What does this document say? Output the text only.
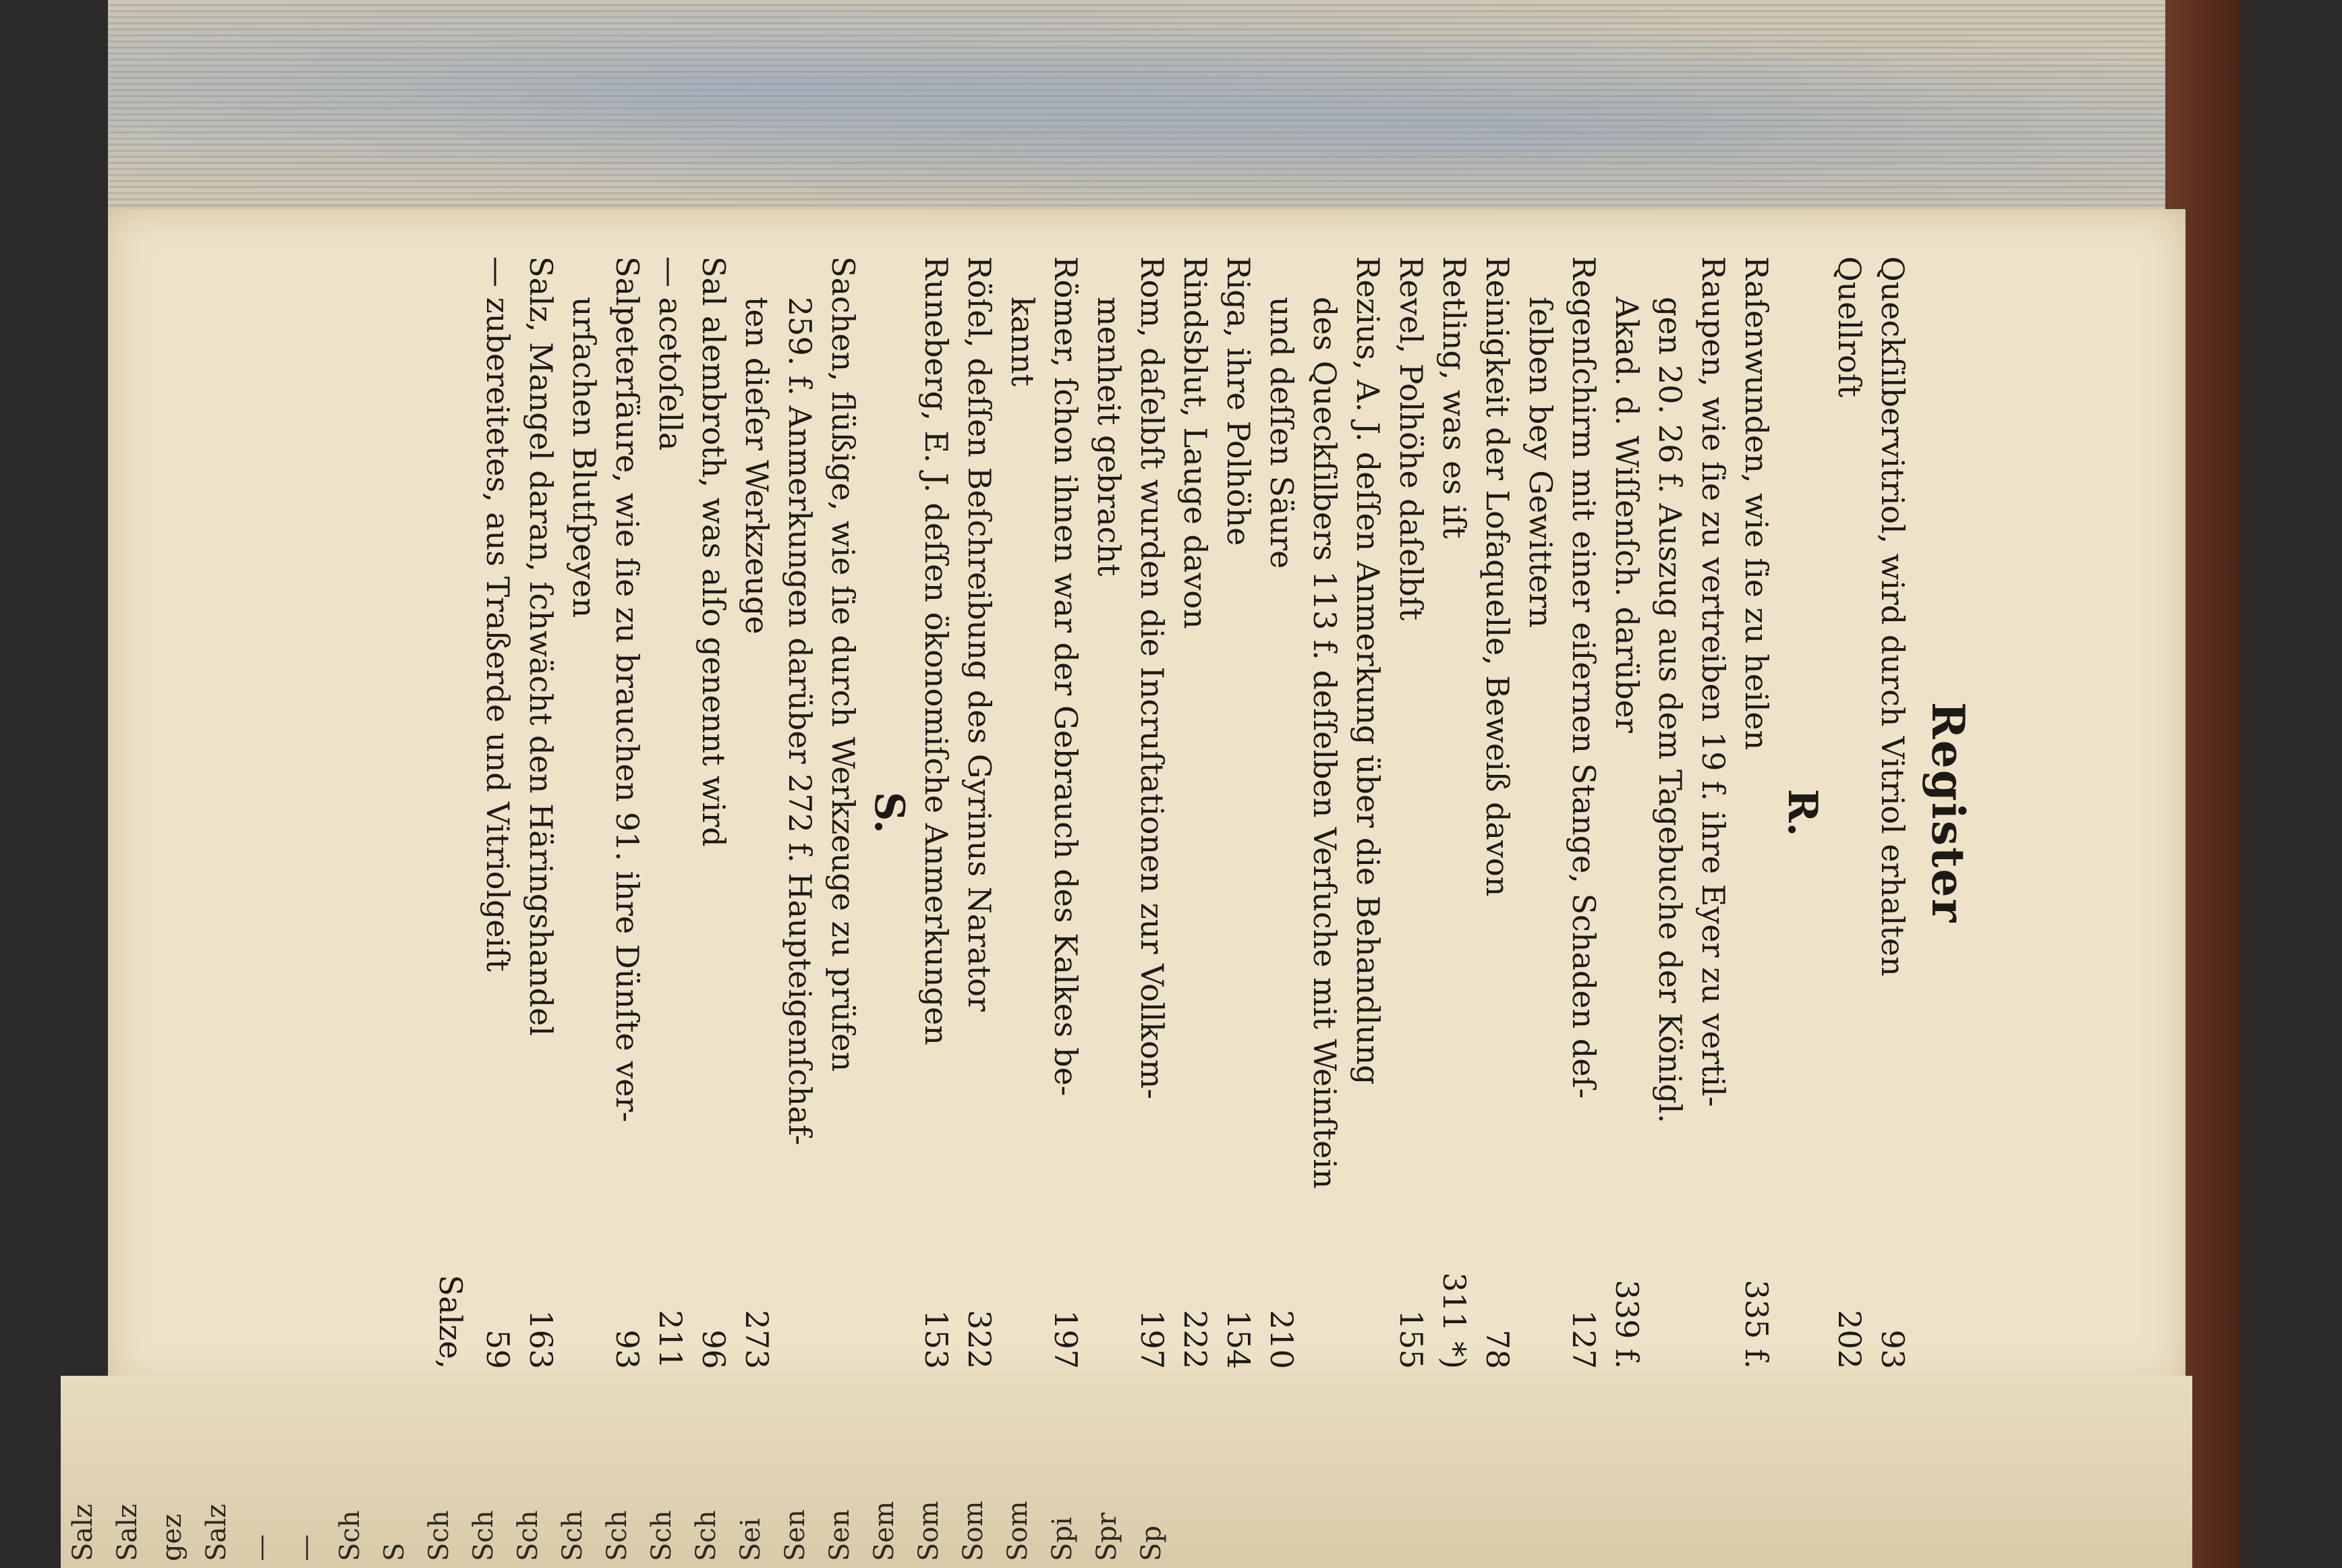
Register
Queckſilbervitriol, wird durch Vitriol erhalten
93
Quellroſt
202
R.
Raſenwunden, wie ſie zu heilen
335 f.
Raupen, wie ſie zu vertreiben 19 f. ihre Eyer zu vertil-
gen 20. 26 f. Auszug aus dem Tagebuche der Königl.
Akad. d. Wiſſenſch. darüber
339 f.
Regenſchirm mit einer eiſernen Stange, Schaden deſ-
ſelben bey Gewittern
127
Reinigkeit der Lofaquelle, Beweiß davon
78
Retling, was es iſt
311 *)
Revel, Polhöhe daſelbſt
155
Rezius, A. J. deſſen Anmerkung über die Behandlung
des Queckſilbers 113 f. deſſelben Verſuche mit Weinſtein
und deſſen Säure
210
Riga, ihre Polhöhe
154
Rindsblut, Lauge davon
222
Rom, daſelbſt wurden die Incruſtationen zur Vollkom-
menheit gebracht
197
Römer, ſchon ihnen war der Gebrauch des Kalkes be-
kannt
197
Röſel, deſſen Beſchreibung des Gyrinus Narator
322
Runeberg, E. J. deſſen ökonomiſche Anmerkungen
153
S.
Sachen, flüßige, wie ſie durch Werkzeuge zu prüfen
259. f. Anmerkungen darüber 272 f. Haupteigenſchaf-
ten dieſer Werkzeuge
273
Sal alembroth, was alſo genennt wird
96
— acetoſella
211
Salpeterſäure, wie ſie zu brauchen 91. ihre Dünſte ver-
urſachen Blutſpeyen
93
Salz, Mangel daran, ſchwächt den Häringshandel
163
— zubereitetes, aus Traßerde und Vitriolgeiſt
59
Salze,
Salz Salz gez Salz — — Sch S Sch Sch Sch Sch Sch Sch Sch Sei Sen Sen Sem Som Som Som Spi Spr Sp
